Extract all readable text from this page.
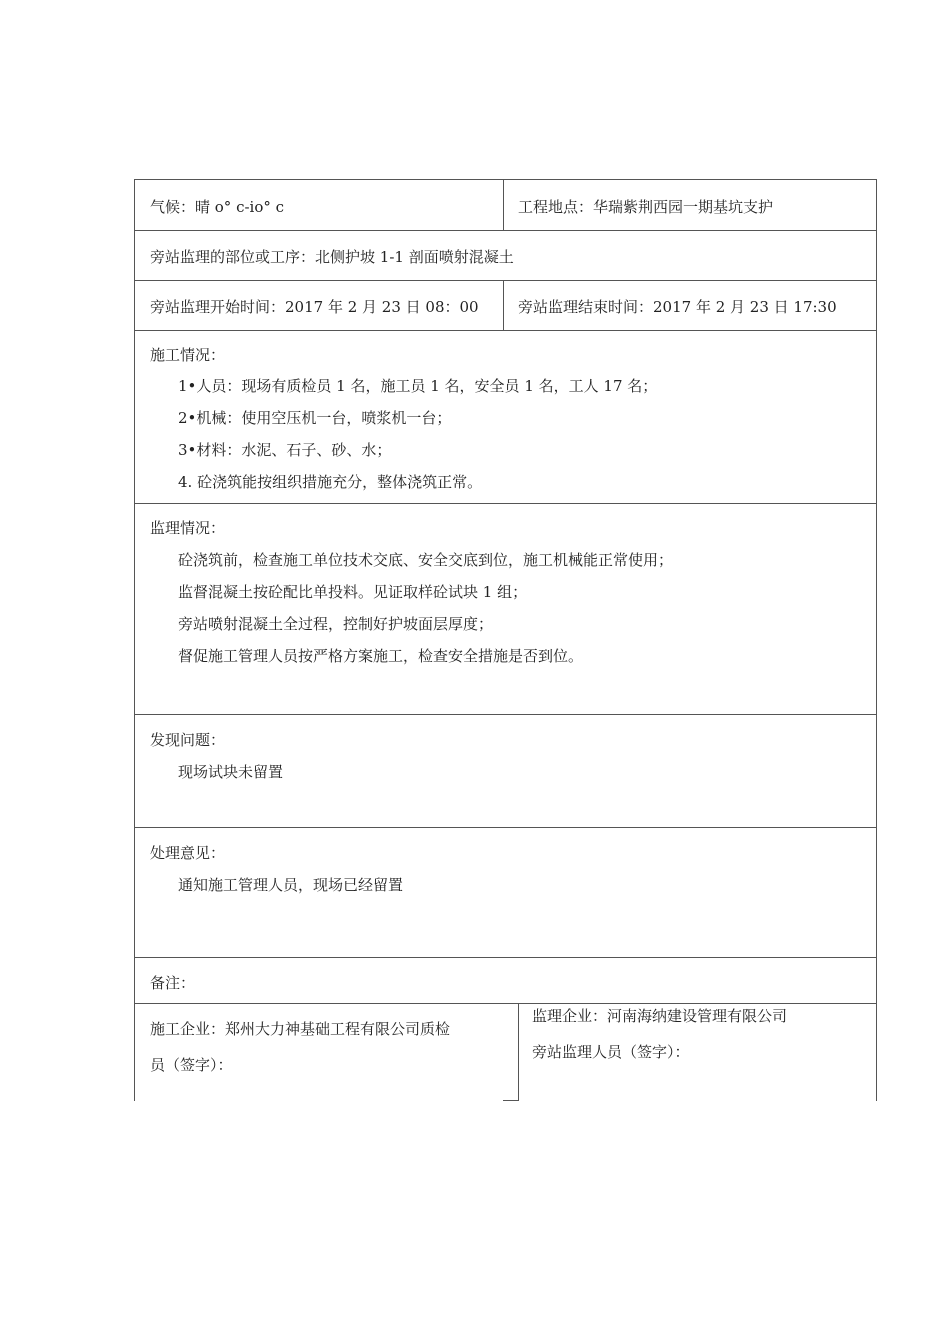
气候：晴 o° c-io° c	工程地点：华瑞紫荆西园一期基坑支护
旁站监理的部位或工序：北侧护坡 1-1 剖面喷射混凝土
旁站监理开始时间：2017 年 2 月 23 日 08：00	旁站监理结束时间：2017 年 2 月 23 日 17:30
施工情况：
1•人员：现场有质检员 1 名，施工员 1 名，安全员 1 名，工人 17 名；
2•机械：使用空压机一台，喷浆机一台；
3•材料：水泥、石子、砂、水；
4. 砼浇筑能按组织措施充分，整体浇筑正常。
监理情况：
砼浇筑前，检查施工单位技术交底、安全交底到位，施工机械能正常使用；
监督混凝土按砼配比单投料。见证取样砼试块 1 组；
旁站喷射混凝土全过程，控制好护坡面层厚度；
督促施工管理人员按严格方案施工，检查安全措施是否到位。
发现问题：
现场试块未留置
处理意见：
通知施工管理人员，现场已经留置
备注：
施工企业：郑州大力神基础工程有限公司质检
员（签字）：
监理企业：河南海纳建设管理有限公司
旁站监理人员（签字）：
